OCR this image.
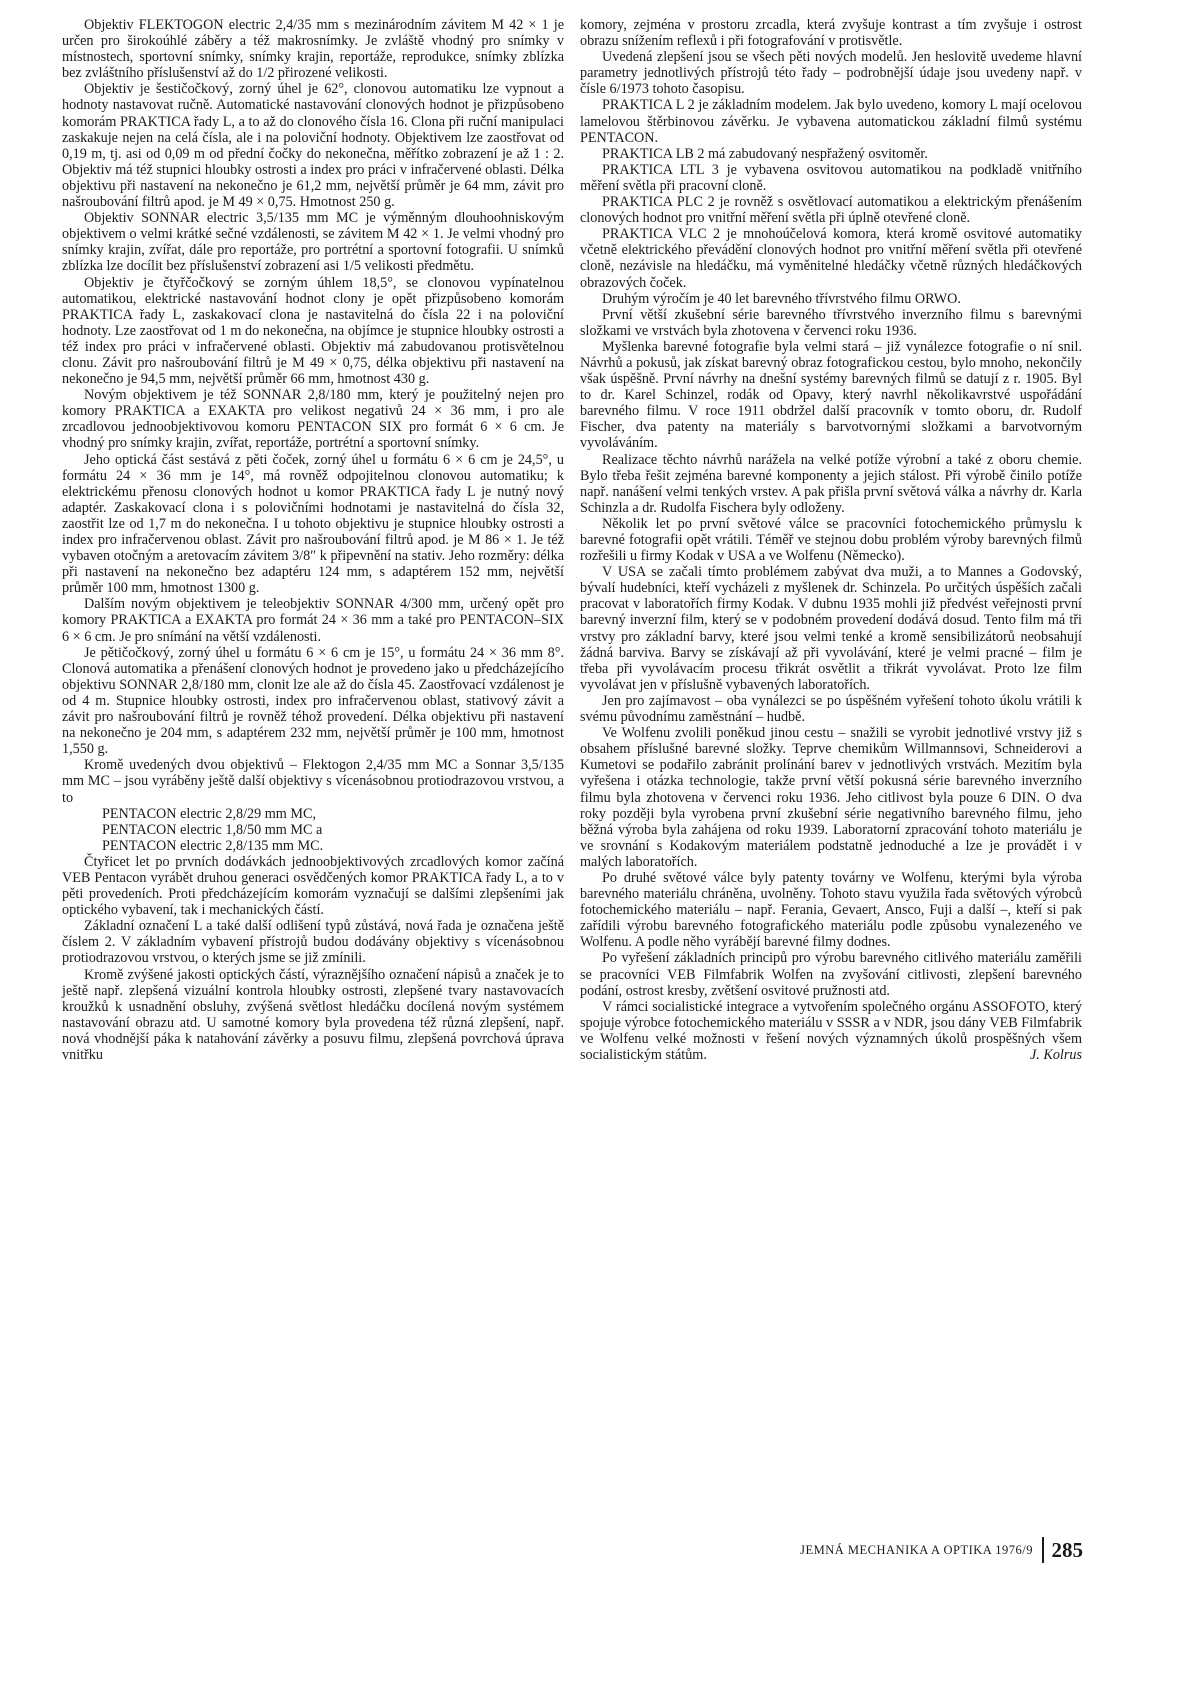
Objektiv FLEKTOGON electric 2,4/35 mm s mezinárodním závitem M 42 × 1 je určen pro širokoúhlé záběry a též makrosnímky. Je zvláště vhodný pro snímky v místnostech, sportovní snímky, snímky krajin, reportáže, reprodukce, snímky zblízka bez zvláštního příslušenství až do 1/2 přirozené velikosti.

Objektiv je šestičočkový, zorný úhel je 62°, clonovou automatiku lze vypnout a hodnoty nastavovat ručně. Automatické nastavování clonových hodnot je přizpůsobeno komorám PRAKTICA řady L, a to až do clonového čísla 16. Clona při ruční manipulaci zaskakuje nejen na celá čísla, ale i na poloviční hodnoty. Objektivem lze zaostřovat od 0,19 m, tj. asi od 0,09 m od přední čočky do nekonečna, měřítko zobrazení je až 1 : 2. Objektiv má též stupnici hloubky ostrosti a index pro práci v infračervené oblasti. Délka objektivu při nastavení na nekonečno je 61,2 mm, největší průměr je 64 mm, závit pro našroubování filtrů apod. je M 49 × 0,75. Hmotnost 250 g.

Objektiv SONNAR electric 3,5/135 mm MC je výměnným dlouhoohniskovým objektivem o velmi krátké sečné vzdálenosti, se závitem M 42 × 1. Je velmi vhodný pro snímky krajin, zvířat, dále pro reportáže, pro portrétní a sportovní fotografii. U snímků zblízka lze docílit bez příslušenství zobrazení asi 1/5 velikosti předmětu.

Objektiv je čtyřčočkový se zorným úhlem 18,5°, se clonovou vypínatelnou automatikou, elektrické nastavování hodnot clony je opět přizpůsobeno komorám PRAKTICA řady L, zaskakovací clona je nastavitelná do čísla 22 i na poloviční hodnoty. Lze zaostřovat od 1 m do nekonečna, na objímce je stupnice hloubky ostrosti a též index pro práci v infračervené oblasti. Objektiv má zabudovanou protisvětelnou clonu. Závit pro našroubování filtrů je M 49 × 0,75, délka objektivu při nastavení na nekonečno je 94,5 mm, největší průměr 66 mm, hmotnost 430 g.

Novým objektivem je též SONNAR 2,8/180 mm, který je použitelný nejen pro komory PRAKTICA a EXAKTA pro velikost negativů 24 × 36 mm, i pro ale zrcadlovou jednoobjektivovou komoru PENTACON SIX pro formát 6 × 6 cm. Je vhodný pro snímky krajin, zvířat, reportáže, portrétní a sportovní snímky.

Jeho optická část sestává z pěti čoček, zorný úhel u formátu 6 × 6 cm je 24,5°, u formátu 24 × 36 mm je 14°, má rovněž odpojitelnou clonovou automatiku; k elektrickému přenosu clonových hodnot u komor PRAKTICA řady L je nutný nový adaptér. Zaskakovací clona i s polovičními hodnotami je nastavitelná do čísla 32, zaostřit lze od 1,7 m do nekonečna. I u tohoto objektivu je stupnice hloubky ostrosti a index pro infračervenou oblast. Závit pro našroubování filtrů apod. je M 86 × 1. Je též vybaven otočným a aretovacím závitem 3/8″ k připevnění na stativ. Jeho rozměry: délka při nastavení na nekonečno bez adaptéru 124 mm, s adaptérem 152 mm, největší průměr 100 mm, hmotnost 1300 g.

Dalším novým objektivem je teleobjektiv SONNAR 4/300 mm, určený opět pro komory PRAKTICA a EXAKTA pro formát 24 × 36 mm a také pro PENTACON–SIX 6 × 6 cm. Je pro snímání na větší vzdálenosti.

Je pětičočkový, zorný úhel u formátu 6 × 6 cm je 15°, u formátu 24 × 36 mm 8°. Clonová automatika a přenášení clonových hodnot je provedeno jako u předcházejícího objektivu SONNAR 2,8/180 mm, clonit lze ale až do čísla 45. Zaostřovací vzdálenost je od 4 m. Stupnice hloubky ostrosti, index pro infračervenou oblast, stativový závit a závit pro našroubování filtrů je rovněž téhož provedení. Délka objektivu při nastavení na nekonečno je 204 mm, s adaptérem 232 mm, největší průměr je 100 mm, hmotnost 1,550 g.

Kromě uvedených dvou objektivů – Flektogon 2,4/35 mm MC a Sonnar 3,5/135 mm MC – jsou vyráběny ještě další objektivy s vícenásobnou protiodrazovou vrstvou, a to

PENTACON electric 2,8/29 mm MC,

PENTACON electric 1,8/50 mm MC a

PENTACON electric 2,8/135 mm MC.

Čtyřicet let po prvních dodávkách jednoobjektivových zrcadlových komor začíná VEB Pentacon vyrábět druhou generaci osvědčených komor PRAKTICA řady L, a to v pěti provedeních. Proti předcházejícím komorám vyznačují se dalšími zlepšeními jak optického vybavení, tak i mechanických částí.

Základní označení L a také další odlišení typů zůstává, nová řada je označena ještě číslem 2. V základním vybavení přístrojů budou dodávány objektivy s vícenásobnou protiodrazovou vrstvou, o kterých jsme se již zmínili.

Kromě zvýšené jakosti optických částí, výraznějšího označení nápisů a značek je to ještě např. zlepšená vizuální kontrola hloubky ostrosti, zlepšené tvary nastavovacích kroužků k usnadnění obsluhy, zvýšená světlost hledáčku docílená novým systémem nastavování obrazu atd. U samotné komory byla provedena též různá zlepšení, např. nová vhodnější páka k natahování závěrky a posuvu filmu, zlepšená povrchová úprava vnitřku

komory, zejména v prostoru zrcadla, která zvyšuje kontrast a tím zvyšuje i ostrost obrazu snížením reflexů i při fotografování v protisvětle.

Uvedená zlepšení jsou se všech pěti nových modelů. Jen heslovitě uvedeme hlavní parametry jednotlivých přístrojů této řady – podrobnější údaje jsou uvedeny např. v čísle 6/1973 tohoto časopisu.

PRAKTICA L 2 je základním modelem. Jak bylo uvedeno, komory L mají ocelovou lamelovou štěrbinovou závěrku. Je vybavena automatickou základní filmů systému PENTACON.

PRAKTICA LB 2 má zabudovaný nespřažený osvitoměr.

PRAKTICA LTL 3 je vybavena osvitovou automatikou na podkladě vnitřního měření světla při pracovní cloně.

PRAKTICA PLC 2 je rovněž s osvětlovací automatikou a elektrickým přenášením clonových hodnot pro vnitřní měření světla při úplně otevřené cloně.

PRAKTICA VLC 2 je mnohoúčelová komora, která kromě osvitové automatiky včetně elektrického převádění clonových hodnot pro vnitřní měření světla při otevřené cloně, nezávisle na hledáčku, má vyměnitelné hledáčky včetně různých hledáčkových obrazových čoček.

Druhým výročím je 40 let barevného třívrstvého filmu ORWO.

První větší zkušební série barevného třívrstvého inverzního filmu s barevnými složkami ve vrstvách byla zhotovena v červenci roku 1936.

Myšlenka barevné fotografie byla velmi stará – již vynálezce fotografie o ní snil. Návrhů a pokusů, jak získat barevný obraz fotografickou cestou, bylo mnoho, nekončily však úspěšně. První návrhy na dnešní systémy barevných filmů se datují z r. 1905. Byl to dr. Karel Schinzel, rodák od Opavy, který navrhl několikavrstvé uspořádání barevného filmu. V roce 1911 obdržel další pracovník v tomto oboru, dr. Rudolf Fischer, dva patenty na materiály s barvotvornými složkami a barvotvorným vyvoláváním.

Realizace těchto návrhů narážela na velké potíže výrobní a také z oboru chemie. Bylo třeba řešit zejména barevné komponenty a jejich stálost. Při výrobě činilo potíže např. nanášení velmi tenkých vrstev. A pak přišla první světová válka a návrhy dr. Karla Schinzla a dr. Rudolfa Fischera byly odloženy.

Několik let po první světové válce se pracovníci fotochemického průmyslu k barevné fotografii opět vrátili. Téměř ve stejnou dobu problém výroby barevných filmů rozřešili u firmy Kodak v USA a ve Wolfenu (Německo).

V USA se začali tímto problémem zabývat dva muži, a to Mannes a Godovský, bývalí hudebníci, kteří vycházeli z myšlenek dr. Schinzela. Po určitých úspěších začali pracovat v laboratořích firmy Kodak. V dubnu 1935 mohli již předvést veřejnosti první barevný inverzní film, který se v podobném provedení dodává dosud. Tento film má tři vrstvy pro základní barvy, které jsou velmi tenké a kromě sensibilizátorů neobsahují žádná barviva. Barvy se získávají až při vyvolávání, které je velmi pracné – film je třeba při vyvolávacím procesu třikrát osvětlit a třikrát vyvolávat. Proto lze film vyvolávat jen v příslušně vybavených laboratořích.

Jen pro zajímavost – oba vynálezci se po úspěšném vyřešení tohoto úkolu vrátili k svému původnímu zaměstnání – hudbě.

Ve Wolfenu zvolili poněkud jinou cestu – snažili se vyrobit jednotlivé vrstvy již s obsahem příslušné barevné složky. Teprve chemikům Willmannsovi, Schneiderovi a Kumetovi se podařilo zabránit prolínání barev v jednotlivých vrstvách. Mezitím byla vyřešena i otázka technologie, takže první větší pokusná série barevného inverzního filmu byla zhotovena v červenci roku 1936. Jeho citlivost byla pouze 6 DIN. O dva roky později byla vyrobena první zkušební série negativního barevného filmu, jeho běžná výroba byla zahájena od roku 1939. Laboratorní zpracování tohoto materiálu je ve srovnání s Kodakovým materiálem podstatně jednoduché a lze je provádět i v malých laboratořích.

Po druhé světové válce byly patenty továrny ve Wolfenu, kterými byla výroba barevného materiálu chráněna, uvolněny. Tohoto stavu využila řada světových výrobců fotochemického materiálu – např. Ferania, Gevaert, Ansco, Fuji a další –, kteří si pak zařídili výrobu barevného fotografického materiálu podle způsobu vynalezeného ve Wolfenu. A podle něho vyrábějí barevné filmy dodnes.

Po vyřešení základních principů pro výrobu barevného citlivého materiálu zaměřili se pracovníci VEB Filmfabrik Wolfen na zvyšování citlivosti, zlepšení barevného podání, ostrost kresby, zvětšení osvitové pružnosti atd.

V rámci socialistické integrace a vytvořením společného orgánu ASSOFOTO, který spojuje výrobce fotochemického materiálu v SSSR a v NDR, jsou dány VEB Filmfabrik ve Wolfenu velké možnosti v řešení nových významných úkolů prospěšných všem socialistickým státům.	J. Kolrus

JEMNÁ MECHANIKA A OPTIKA 1976/9 285
